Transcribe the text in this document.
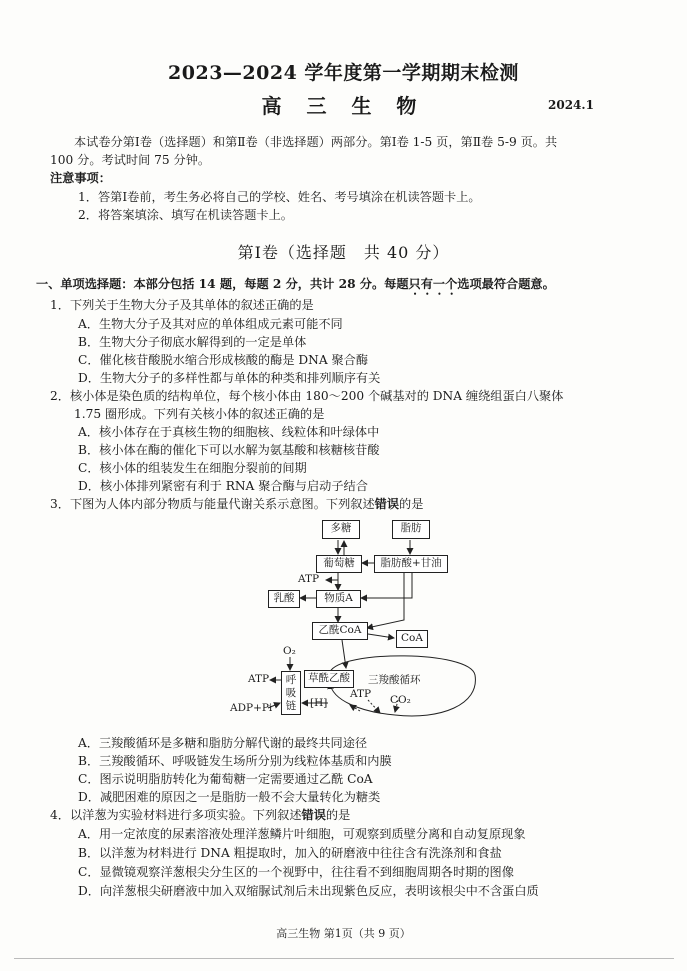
2023—2024 学年度第一学期期末检测
高 三 生 物	2024.1
本试卷分第Ⅰ卷（选择题）和第Ⅱ卷（非选择题）两部分。第Ⅰ卷 1-5 页，第Ⅱ卷 5-9 页。共
100 分。考试时间 75 分钟。
注意事项：
1．答第Ⅰ卷前，考生务必将自己的学校、姓名、考号填涂在机读答题卡上。
2．将答案填涂、填写在机读答题卡上。
第Ⅰ卷（选择题　共 40 分）
一、单项选择题：本部分包括 14 题，每题 2 分，共计 28 分。每题只有一个选项最符合题意。
1．下列关于生物大分子及其单体的叙述正确的是
A．生物大分子及其对应的单体组成元素可能不同
B．生物大分子彻底水解得到的一定是单体
C．催化核苷酸脱水缩合形成核酸的酶是 DNA 聚合酶
D．生物大分子的多样性都与单体的种类和排列顺序有关
2．核小体是染色质的结构单位，每个核小体由 180～200 个碱基对的 DNA 缠绕组蛋白八聚体
1.75 圈形成。下列有关核小体的叙述正确的是
A．核小体存在于真核生物的细胞核、线粒体和叶绿体中
B．核小体在酶的催化下可以水解为氨基酸和核糖核苷酸
C．核小体的组装发生在细胞分裂前的间期
D．核小体排列紧密有利于 RNA 聚合酶与启动子结合
3．下图为人体内部分物质与能量代谢关系示意图。下列叙述错误的是
多糖	脂肪
葡萄糖	脂肪酸+甘油
ATP
乳酸	物质A
乙酰CoA
CoA
O₂
ATP	呼吸链
ADP+Pi
草酰乙酸	三羧酸循环
ATP
[H]	CO₂
A．三羧酸循环是多糖和脂肪分解代谢的最终共同途径
B．三羧酸循环、呼吸链发生场所分别为线粒体基质和内膜
C．图示说明脂肪转化为葡萄糖一定需要通过乙酰 CoA
D．减肥困难的原因之一是脂肪一般不会大量转化为糖类
4．以洋葱为实验材料进行多项实验。下列叙述错误的是
A．用一定浓度的尿素溶液处理洋葱鳞片叶细胞，可观察到质壁分离和自动复原现象
B．以洋葱为材料进行 DNA 粗提取时，加入的研磨液中往往含有洗涤剂和食盐
C．显微镜观察洋葱根尖分生区的一个视野中，往往看不到细胞周期各时期的图像
D．向洋葱根尖研磨液中加入双缩脲试剂后未出现紫色反应，表明该根尖中不含蛋白质
高三生物 第1页（共 9 页）
